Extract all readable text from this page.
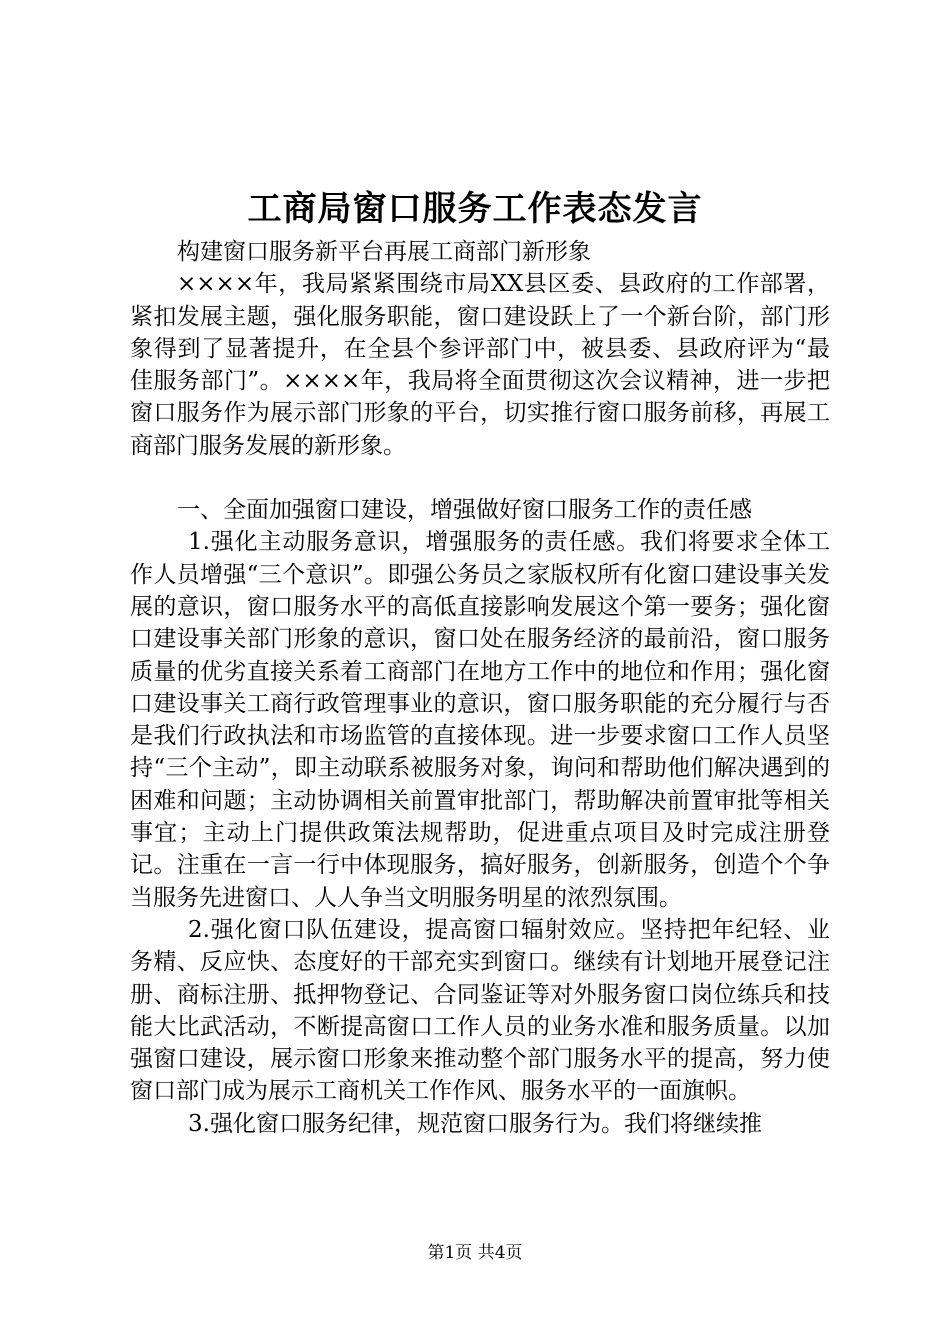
工商局窗口服务工作表态发言

构建窗口服务新平台再展工商部门新形象

××××年，我局紧紧围绕市局XX县区委、县政府的工作部署，紧扣发展主题，强化服务职能，窗口建设跃上了一个新台阶，部门形象得到了显著提升，在全县个参评部门中，被县委、县政府评为“最佳服务部门”。××××年，我局将全面贯彻这次会议精神，进一步把窗口服务作为展示部门形象的平台，切实推行窗口服务前移，再展工商部门服务发展的新形象。

一、全面加强窗口建设，增强做好窗口服务工作的责任感

1.强化主动服务意识，增强服务的责任感。我们将要求全体工作人员增强“三个意识”。即强公务员之家版权所有化窗口建设事关发展的意识，窗口服务水平的高低直接影响发展这个第一要务；强化窗口建设事关部门形象的意识，窗口处在服务经济的最前沿，窗口服务质量的优劣直接关系着工商部门在地方工作中的地位和作用；强化窗口建设事关工商行政管理事业的意识，窗口服务职能的充分履行与否是我们行政执法和市场监管的直接体现。进一步要求窗口工作人员坚持“三个主动”，即主动联系被服务对象，询问和帮助他们解决遇到的困难和问题；主动协调相关前置审批部门，帮助解决前置审批等相关事宜；主动上门提供政策法规帮助，促进重点项目及时完成注册登记。注重在一言一行中体现服务，搞好服务，创新服务，创造个个争当服务先进窗口、人人争当文明服务明星的浓烈氛围。

2.强化窗口队伍建设，提高窗口辐射效应。坚持把年纪轻、业务精、反应快、态度好的干部充实到窗口。继续有计划地开展登记注册、商标注册、抵押物登记、合同鉴证等对外服务窗口岗位练兵和技能大比武活动，不断提高窗口工作人员的业务水准和服务质量。以加强窗口建设，展示窗口形象来推动整个部门服务水平的提高，努力使窗口部门成为展示工商机关工作作风、服务水平的一面旗帜。

3.强化窗口服务纪律，规范窗口服务行为。我们将继续推

第1页 共4页
